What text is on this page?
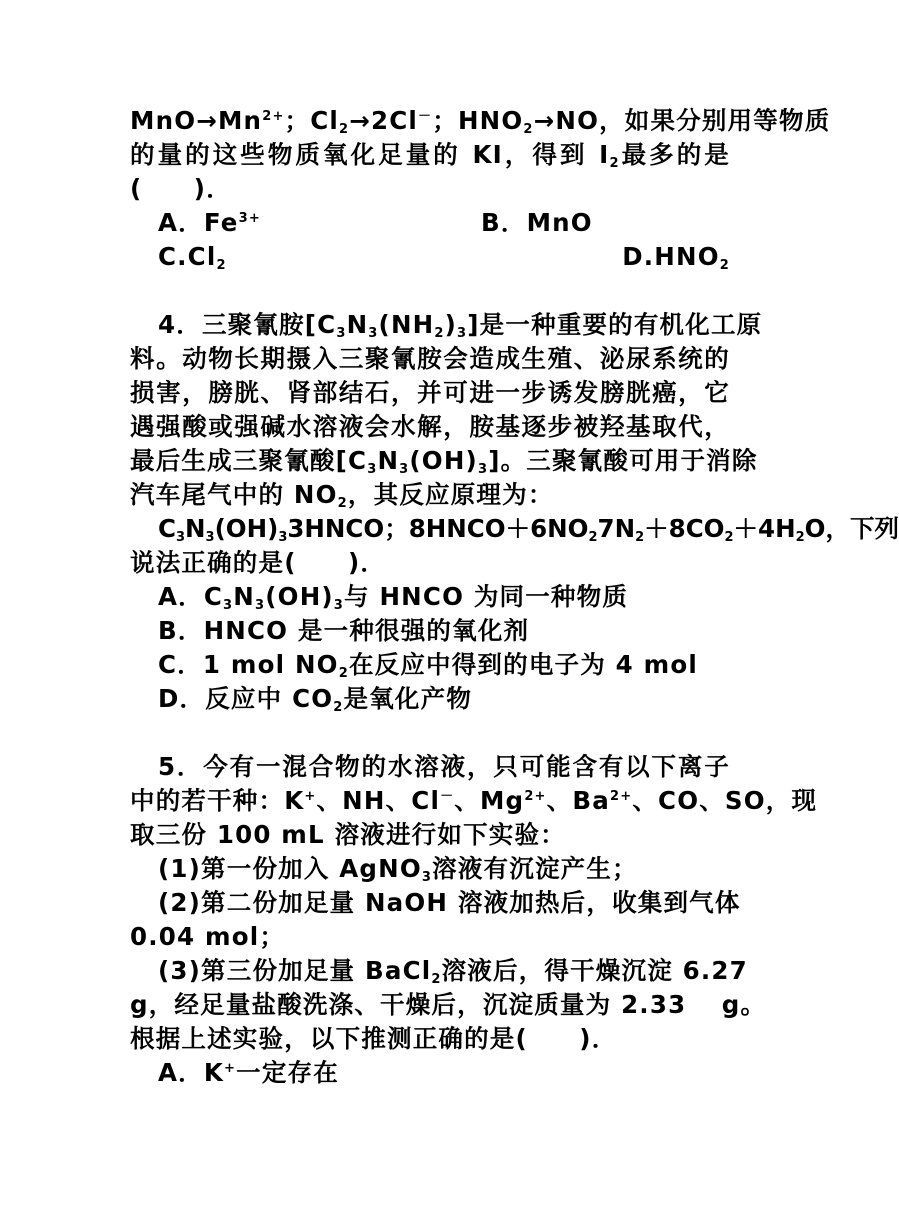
$MnO\to Mn^{2+}$；$Cl_2\to 2Cl^-$；$HNO_2\to NO$，如果分别用等物质
的量的这些物质氧化足量的 KI，得到 $I_2$最多的是
(　　)．
A．$Fe^{3+}$	B．MnO
$C.Cl_2$	$D.HNO_2$
4．三聚氰胺$[C_3N_3(NH_2)_3]$是一种重要的有机化工原
料。动物长期摄入三聚氰胺会造成生殖、泌尿系统的
损害，膀胱、肾部结石，并可进一步诱发膀胱癌，它
遇强酸或强碱水溶液会水解，胺基逐步被羟基取代，
最后生成三聚氰酸$[C_3N_3(OH)_3]$。三聚氰酸可用于消除
汽车尾气中的 $NO_2$，其反应原理为：
$C_3N_3(OH)_33HNCO$；$8HNCO+6NO_27N_2+8CO_2+4H_2O$，下列
说法正确的是(　　)．
A．$C_3N_3(OH)_3$与 HNCO 为同一种物质
B．HNCO 是一种很强的氧化剂
C．1 mol $NO_2$在反应中得到的电子为 4 mol
D．反应中 $CO_2$是氧化产物
5．今有一混合物的水溶液，只可能含有以下离子
中的若干种：K+、NH、Cl－、$Mg^{2+}$、$Ba^{2+}$、CO、SO，现
取三份 100 mL 溶液进行如下实验：
(1)第一份加入 AgNO$_3$溶液有沉淀产生；
(2)第二份加足量 NaOH 溶液加热后，收集到气体
0.04 mol；
(3)第三份加足量 BaCl$_2$溶液后，得干燥沉淀 6.27
g，经足量盐酸洗涤、干燥后，沉淀质量为 2.33　 g。
根据上述实验，以下推测正确的是(　　)．
A．K+一定存在
